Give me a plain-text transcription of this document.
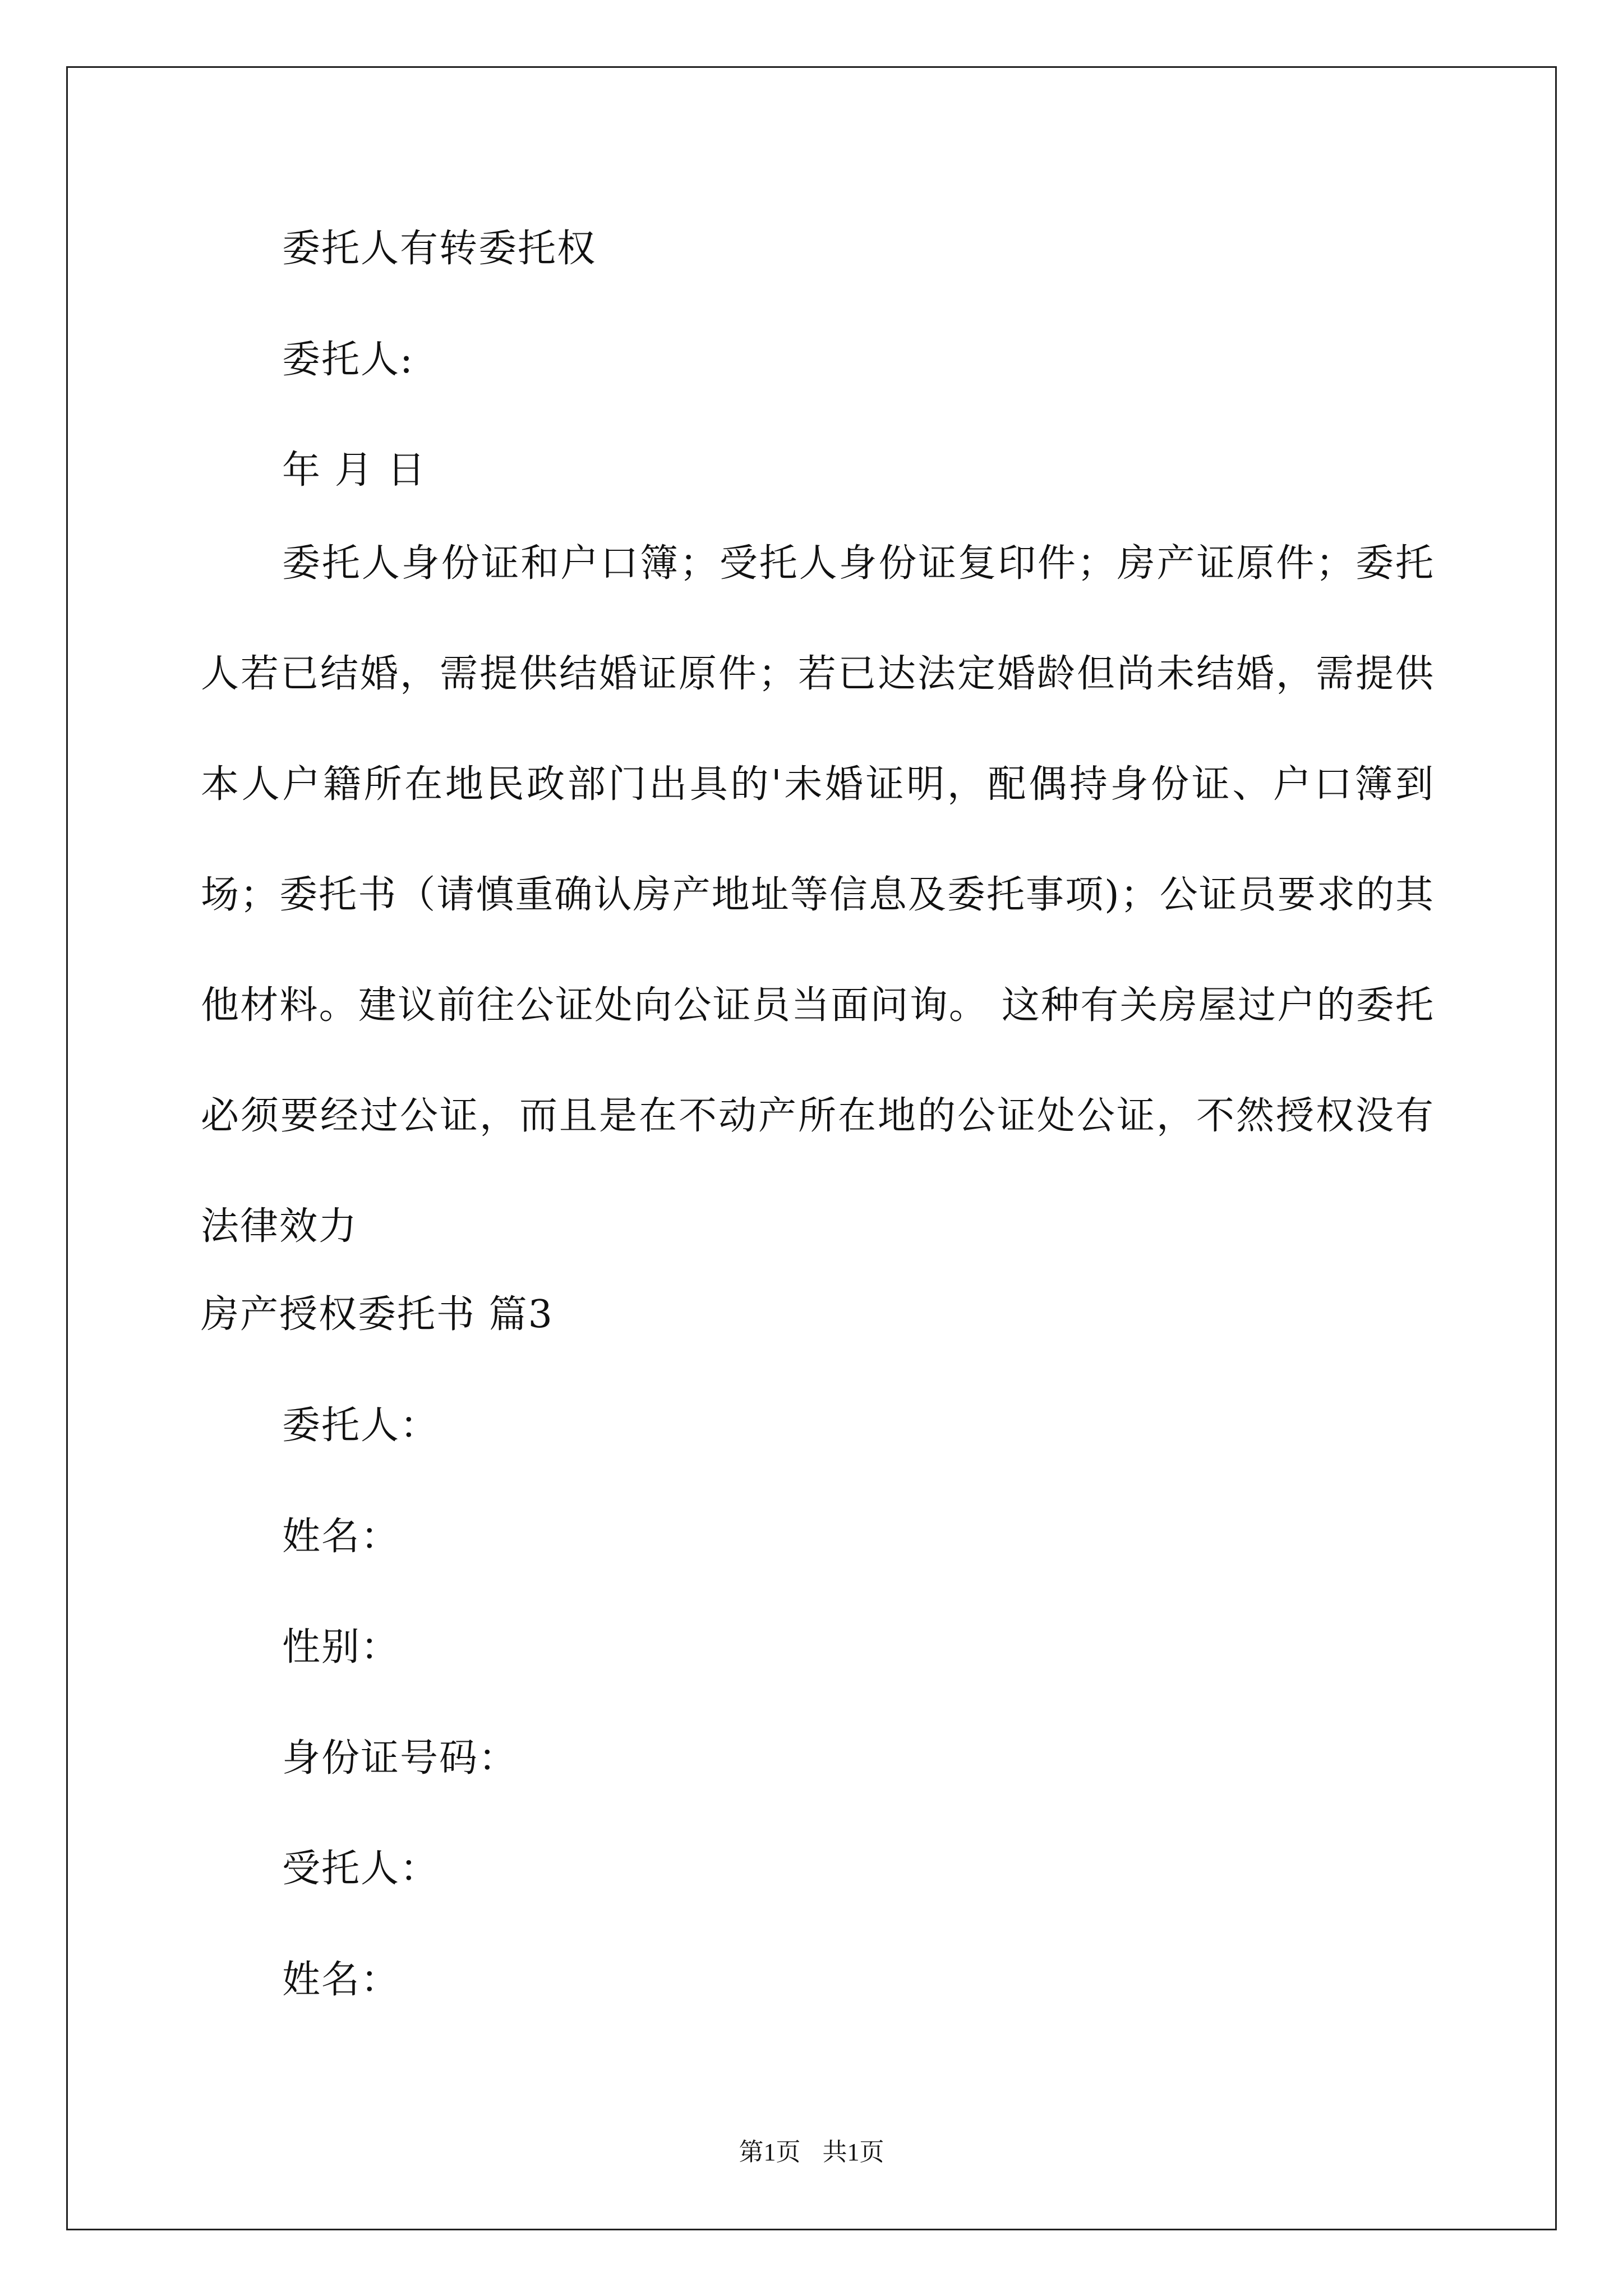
委托人有转委托权
委托人:
年 月 日
委托人身份证和户口簿；受托人身份证复印件；房产证原件；委托人若已结婚，需提供结婚证原件；若已达法定婚龄但尚未结婚，需提供本人户籍所在地民政部门出具的'未婚证明，配偶持身份证、户口簿到场；委托书（请慎重确认房产地址等信息及委托事项)；公证员要求的其他材料。建议前往公证处向公证员当面问询。 这种有关房屋过户的委托必须要经过公证，而且是在不动产所在地的公证处公证，不然授权没有法律效力
房产授权委托书 篇3
委托人：
姓名：
性别：
身份证号码：
受托人：
姓名：
第1页 共1页
